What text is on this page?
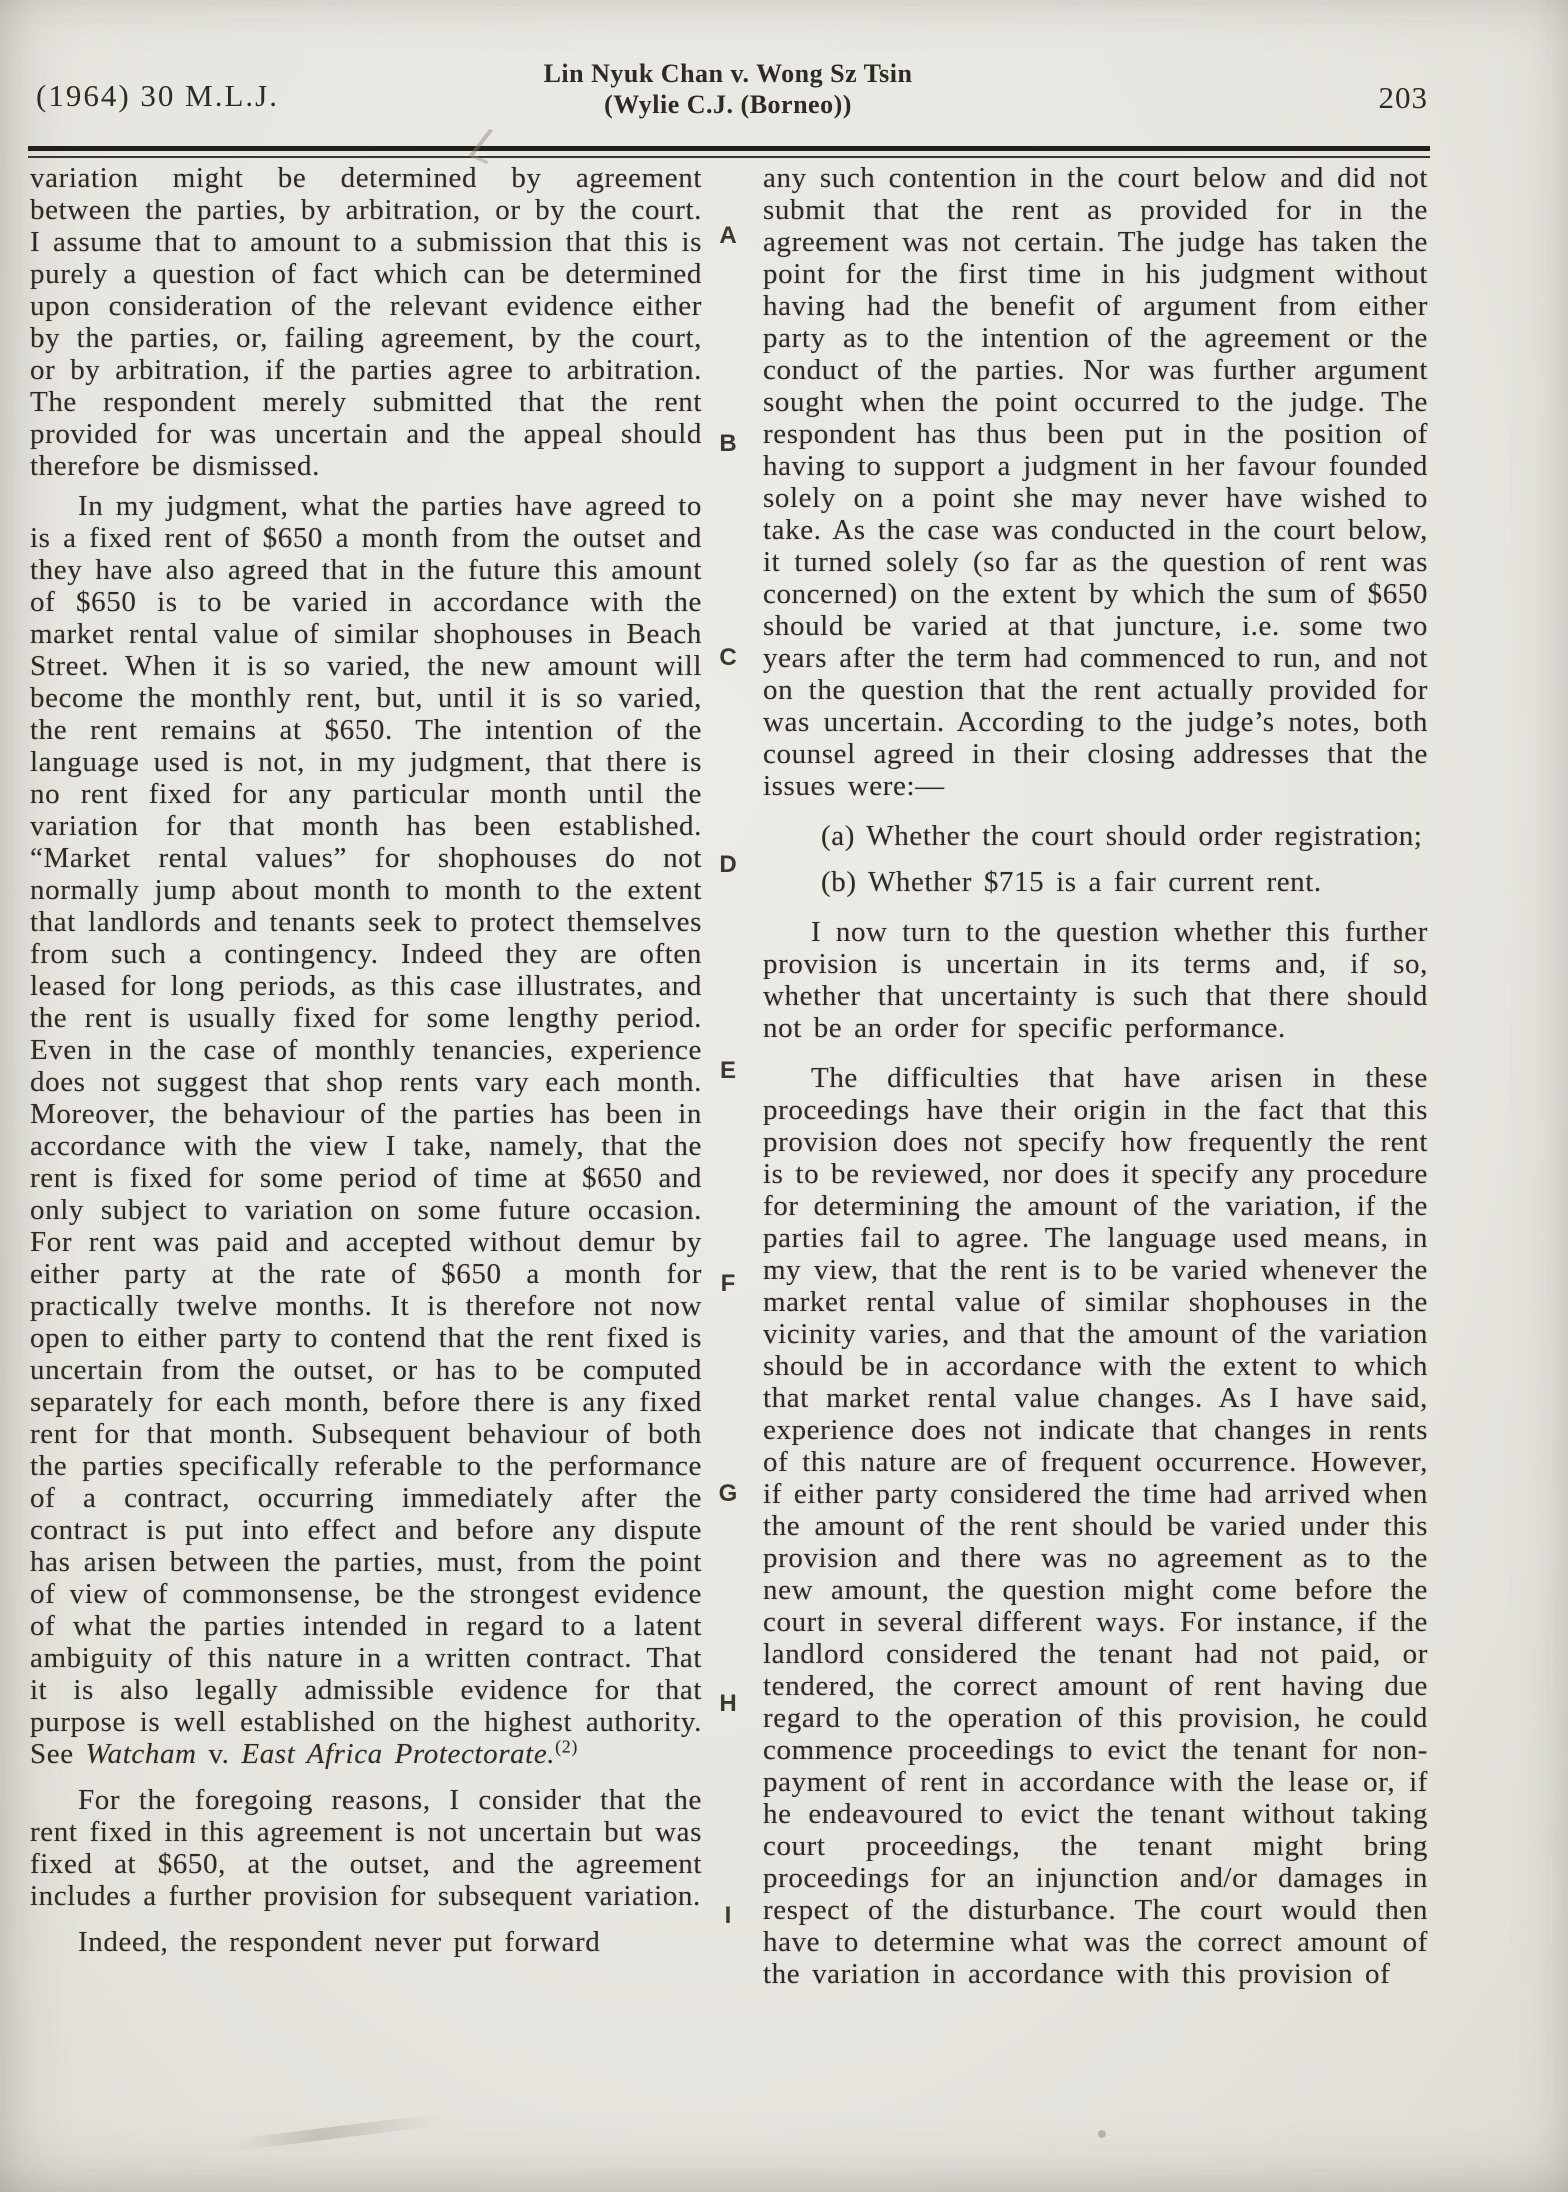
(1964) 30 M.L.J.
Lin Nyuk Chan v. Wong Sz Tsin
(Wylie C.J. (Borneo))	203
A
B
C
D
E
F
G
H
I

variation might be determined by agreement between the parties, by arbitration, or by the court. I assume that to amount to a submission that this is purely a question of fact which can be determined upon consideration of the relevant evidence either by the parties, or, failing agreement, by the court, or by arbitration, if the parties agree to arbitration. The respondent merely submitted that the rent provided for was uncertain and the appeal should therefore be dismissed.

In my judgment, what the parties have agreed to is a fixed rent of $650 a month from the outset and they have also agreed that in the future this amount of $650 is to be varied in accordance with the market rental value of similar shophouses in Beach Street. When it is so varied, the new amount will become the monthly rent, but, until it is so varied, the rent remains at $650. The intention of the language used is not, in my judgment, that there is no rent fixed for any particular month until the variation for that month has been established. “Market rental values” for shophouses do not normally jump about month to month to the extent that landlords and tenants seek to protect themselves from such a contingency. Indeed they are often leased for long periods, as this case illustrates, and the rent is usually fixed for some lengthy period. Even in the case of monthly tenancies, experience does not suggest that shop rents vary each month. Moreover, the behaviour of the parties has been in accordance with the view I take, namely, that the rent is fixed for some period of time at $650 and only subject to variation on some future occasion. For rent was paid and accepted without demur by either party at the rate of $650 a month for practically twelve months. It is therefore not now open to either party to contend that the rent fixed is uncertain from the outset, or has to be computed separately for each month, before there is any fixed rent for that month. Subsequent behaviour of both the parties specifically referable to the performance of a contract, occurring immediately after the contract is put into effect and before any dispute has arisen between the parties, must, from the point of view of commonsense, be the strongest evidence of what the parties intended in regard to a latent ambiguity of this nature in a written contract. That it is also legally admissible evidence for that purpose is well established on the highest authority. See Watcham v. East Africa Protectorate.$^{(2)}$

For the foregoing reasons, I consider that the rent fixed in this agreement is not uncertain but was fixed at $650, at the outset, and the agreement includes a further provision for subsequent variation.

Indeed, the respondent never put forward

any such contention in the court below and did not submit that the rent as provided for in the agreement was not certain. The judge has taken the point for the first time in his judgment without having had the benefit of argument from either party as to the intention of the agreement or the conduct of the parties. Nor was further argument sought when the point occurred to the judge. The respondent has thus been put in the position of having to support a judgment in her favour founded solely on a point she may never have wished to take. As the case was conducted in the court below, it turned solely (so far as the question of rent was concerned) on the extent by which the sum of $650 should be varied at that juncture, i.e. some two years after the term had commenced to run, and not on the question that the rent actually provided for was uncertain. According to the judge’s notes, both counsel agreed in their closing addresses that the issues were:—

(a) Whether the court should order registration;

(b) Whether $715 is a fair current rent.

I now turn to the question whether this further provision is uncertain in its terms and, if so, whether that uncertainty is such that there should not be an order for specific performance.

The difficulties that have arisen in these proceedings have their origin in the fact that this provision does not specify how frequently the rent is to be reviewed, nor does it specify any procedure for determining the amount of the variation, if the parties fail to agree. The language used means, in my view, that the rent is to be varied whenever the market rental value of similar shophouses in the vicinity varies, and that the amount of the variation should be in accordance with the extent to which that market rental value changes. As I have said, experience does not indicate that changes in rents of this nature are of frequent occurrence. However, if either party considered the time had arrived when the amount of the rent should be varied under this provision and there was no agreement as to the new amount, the question might come before the court in several different ways. For instance, if the landlord considered the tenant had not paid, or tendered, the correct amount of rent having due regard to the operation of this provision, he could commence proceedings to evict the tenant for non-payment of rent in accordance with the lease or, if he endeavoured to evict the tenant without taking court proceedings, the tenant might bring proceedings for an injunction and/or damages in respect of the disturbance. The court would then have to determine what was the correct amount of the variation in accordance with this provision of
